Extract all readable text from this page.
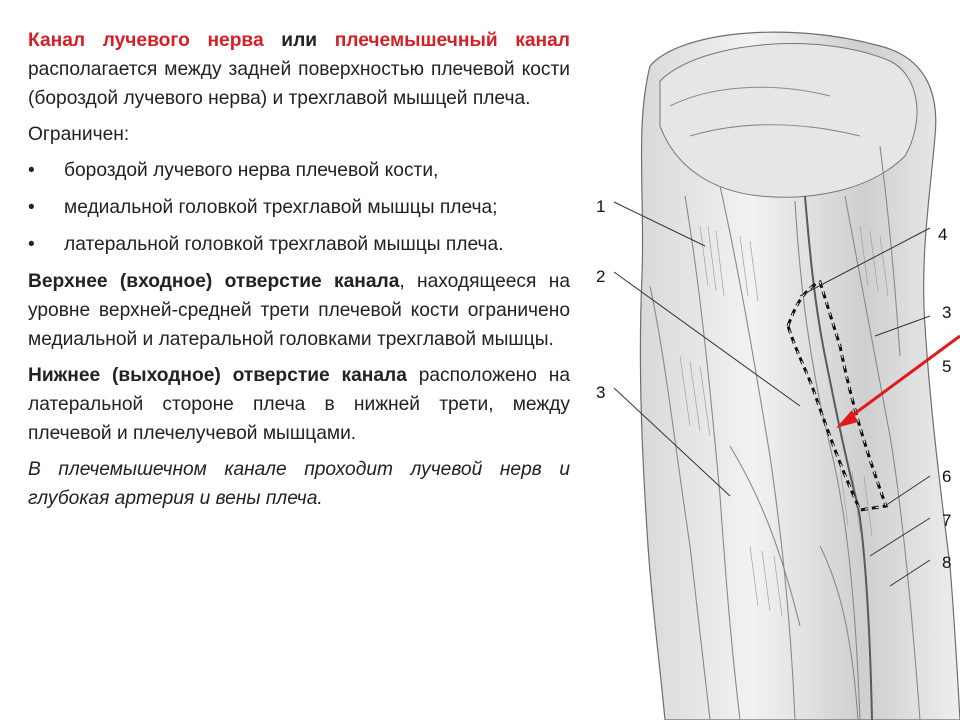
Канал лучевого нерва или плечемышечный канал располагается между задней поверхностью плечевой кости (бороздой лучевого нерва) и трехглавой мышцей плеча.

Ограничен:

• бороздой лучевого нерва плечевой кости,
• медиальной головкой трехглавой мышцы плеча;
• латеральной головкой трехглавой мышцы плеча.

Верхнее (входное) отверстие канала, находящееся на уровне верхней-средней трети плечевой кости ограничено медиальной и латеральной головками трехглавой мышцы.

Нижнее (выходное) отверстие канала расположено на латеральной стороне плеча в нижней трети, между плечевой и плечелучевой мышцами.

В плечемышечном канале проходит лучевой нерв и глубокая артерия и вены плеча.

1
2
3
4
3
5
6
7
8
